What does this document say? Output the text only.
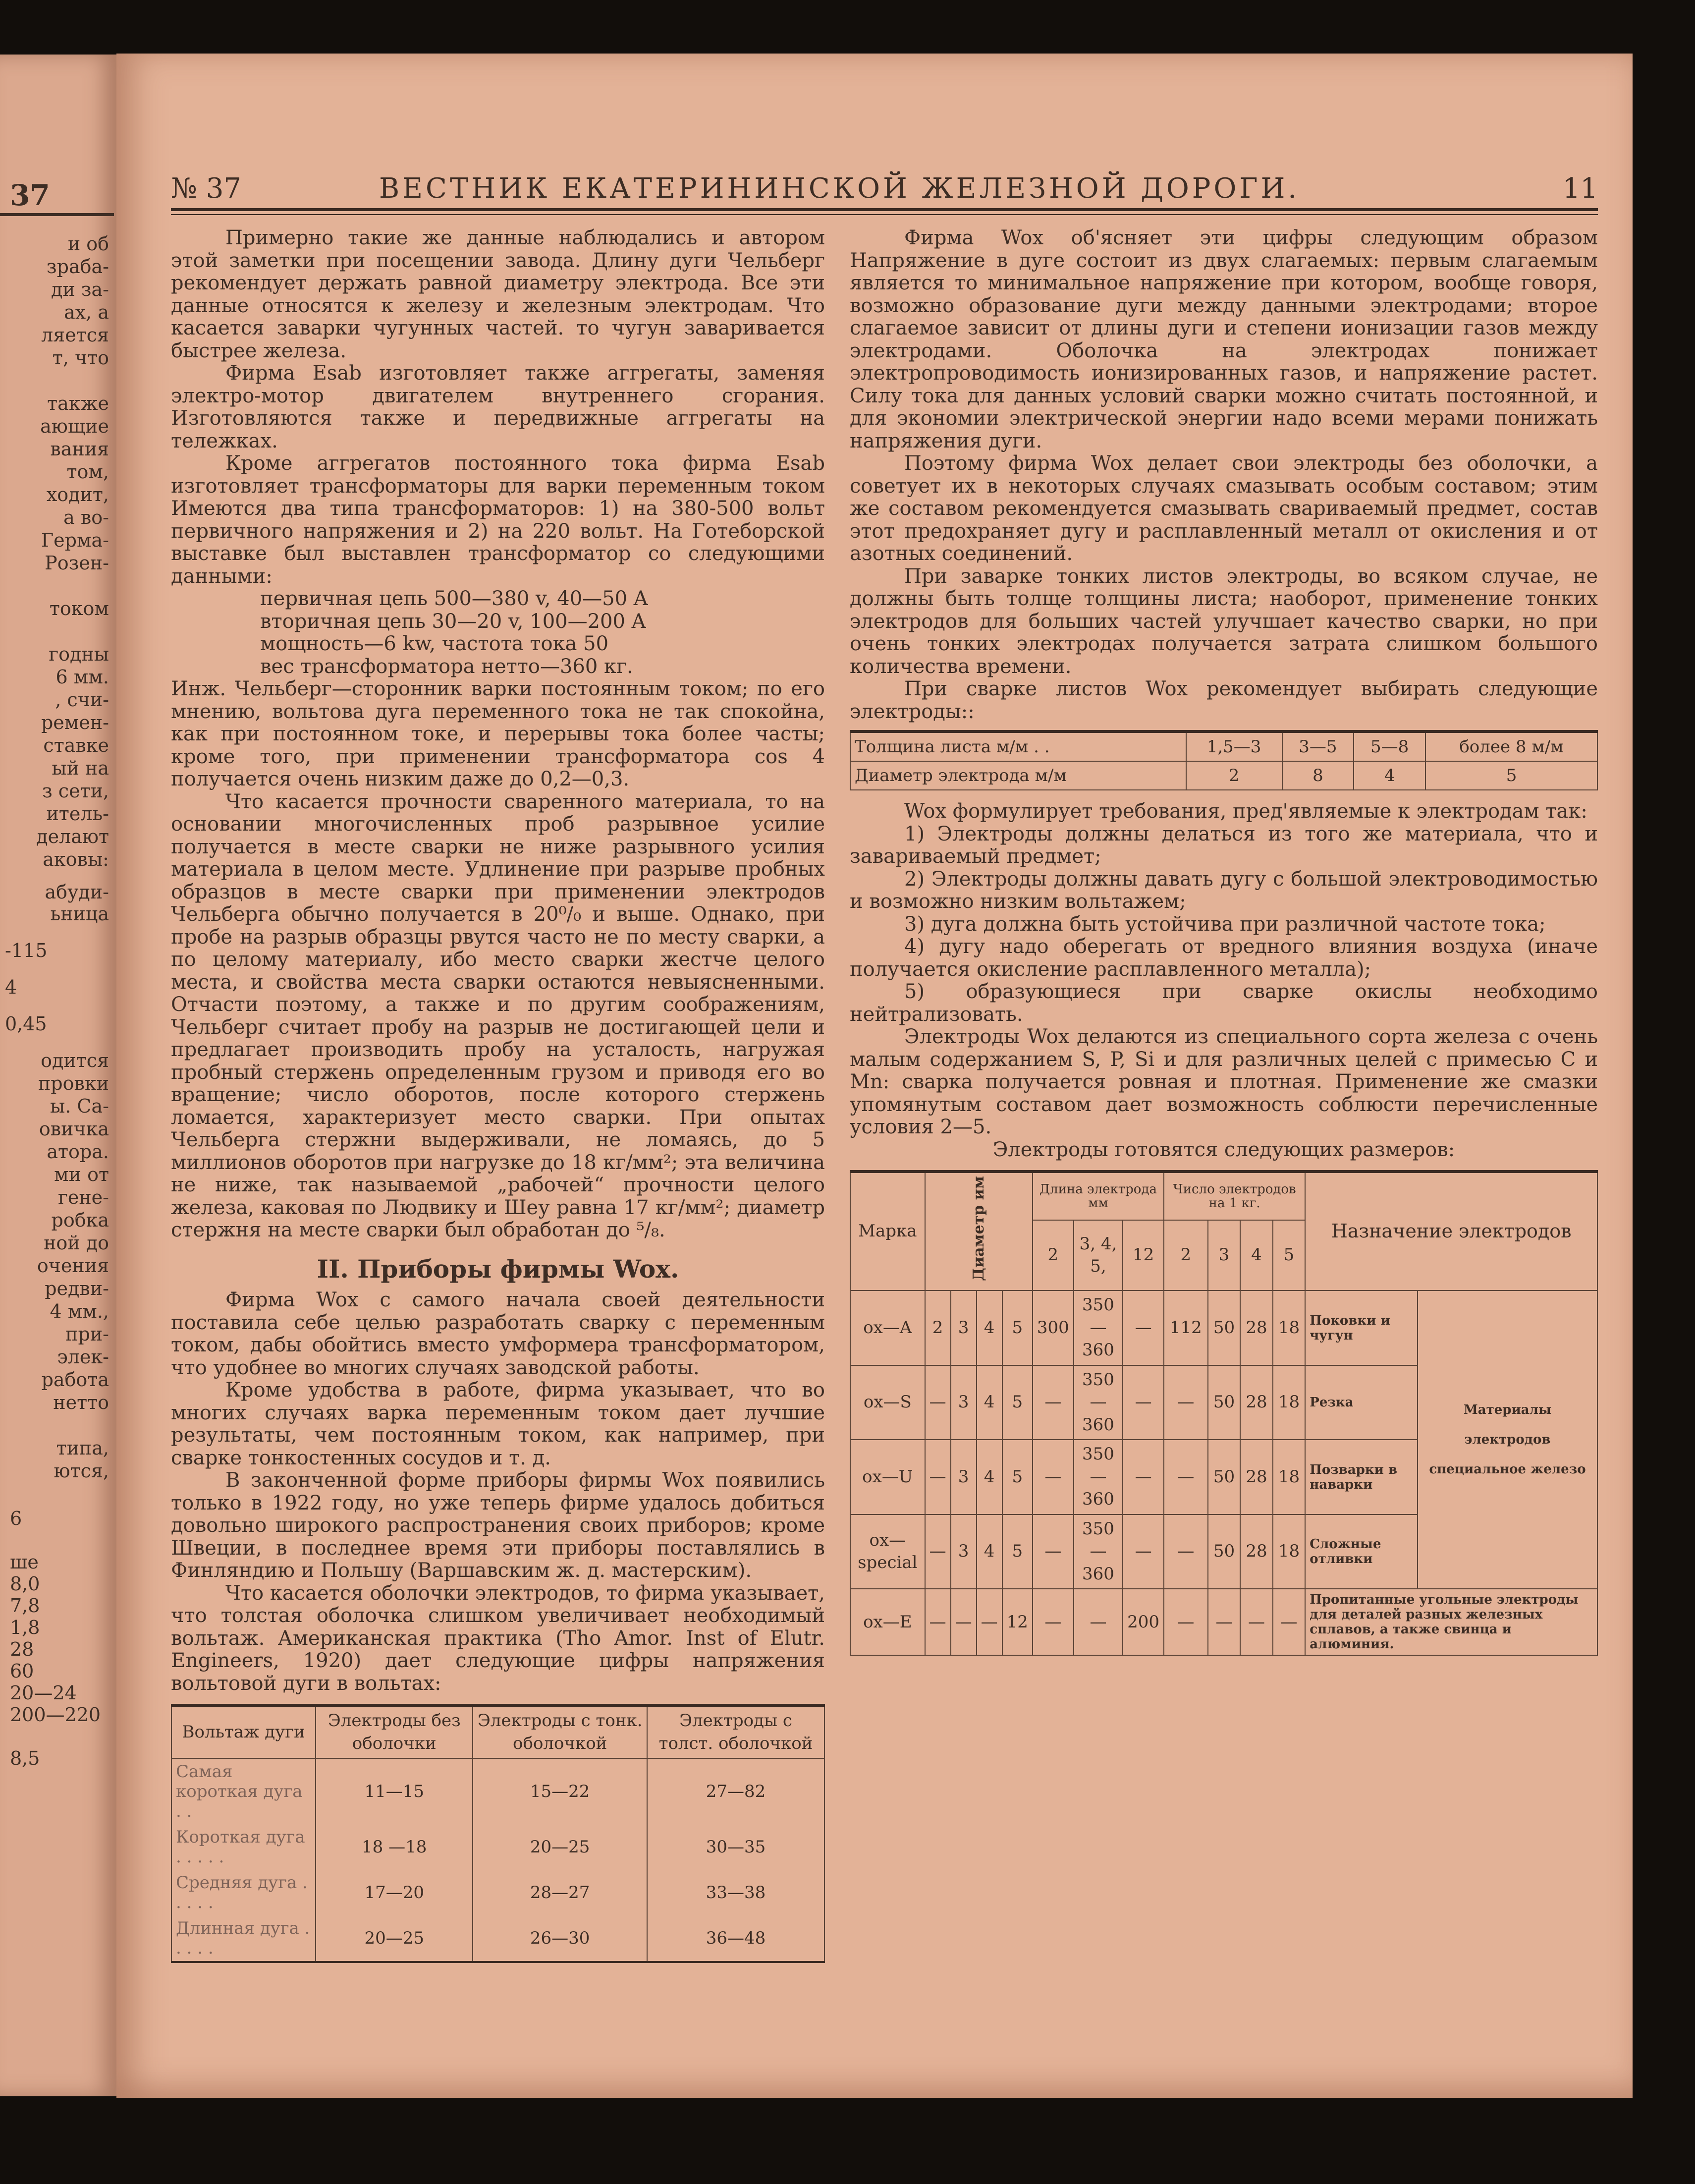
37
и об
зраба-
ди за-
ах, а
ляется
т, что
также
ающие
вания
том,
ходит,
а во-
Герма-
Розен-
током
годны
6 мм.
, счи-
ремен-
ставке
ый на
з сети,
итель-
делают
аковы:
абуди-
ьница
-115
4
0,45
одится
провки
ы. Са-
овичка
атора.
ми от
гене-
робка
ной до
очения
редви-
4 мм.,
при-
элек-
работа
нетто
типа,
ются,
6
ше
8,0
7,8
1,8
28
60
20—24
200—220
8,5
№ 37	ВЕСТНИК ЕКАТЕРИНИНСКОЙ ЖЕЛЕЗНОЙ ДОРОГИ.	11

Примерно такие же данные наблюдались и автором этой заметки при посещении завода. Длину дуги Чельберг рекомендует держать равной диаметру электрода. Все эти данные относятся к железу и железным электродам. Что касается заварки чугунных частей. то чугун заваривается быстрее железа.

Фирма Esab изготовляет также аггрегаты, заменяя электро-мотор двигателем внутреннего сгорания. Изготовляются также и передвижные аггрегаты на тележках.

Кроме аггрегатов постоянного тока фирма Esab изготовляет трансформаторы для варки переменным током Имеются два типа трансформаторов: 1) на 380-500 вольт первичного напряжения и 2) на 220 вольт. На Готеборской выставке был выставлен трансформатор со следующими данными:

первичная цепь 500—380 v, 40—50 A
вторичная цепь 30—20 v, 100—200 A
мощность—6 kw, частота тока 50
вес трансформатора нетто—360 кг.

Инж. Чельберг—сторонник варки постоянным током; по его мнению, вольтова дуга переменного тока не так спокойна, как при постоянном токе, и перерывы тока более часты; кроме того, при применении трансформатора cos 4 получается очень низким даже до 0,2—0,3.

Что касается прочности сваренного материала, то на основании многочисленных проб разрывное усилие получается в месте сварки не ниже разрывного усилия материала в целом месте. Удлинение при разрыве пробных образцов в месте сварки при применении электродов Чельберга обычно получается в 20⁰/₀ и выше. Однако, при пробе на разрыв образцы рвутся часто не по месту сварки, а по целому материалу, ибо место сварки жестче целого места, и свойства места сварки остаются невыясненными. Отчасти поэтому, а также и по другим соображениям, Чельберг считает пробу на разрыв не достигающей цели и предлагает производить пробу на усталость, нагружая пробный стержень определенным грузом и приводя его во вращение; число оборотов, после которого стержень ломается, характеризует место сварки. При опытах Чельберга стержни выдерживали, не ломаясь, до 5 миллионов оборотов при нагрузке до 18 кг/мм²; эта величина не ниже, так называемой „рабочей“ прочности целого железа, каковая по Людвику и Шеу равна 17 кг/мм²; диаметр стержня на месте сварки был обработан до ⁵/₈.

II. Приборы фирмы Wox.

Фирма Wox с самого начала своей деятельности поставила себе целью разработать сварку с переменным током, дабы обойтись вместо умформера трансформатором, что удобнее во многих случаях заводской работы.

Кроме удобства в работе, фирма указывает, что во многих случаях варка переменным током дает лучшие результаты, чем постоянным током, как например, при сварке тонкостенных сосудов и т. д.

В законченной форме приборы фирмы Wox появились только в 1922 году, но уже теперь фирме удалось добиться довольно широкого распространения своих приборов; кроме Швеции, в последнее время эти приборы поставлялись в Финляндию и Польшу (Варшавским ж. д. мастерским).

Что касается оболочки электродов, то фирма указывает, что толстая оболочка слишком увеличивает необходимый вольтаж. Американская практика (Tho Amor. Inst of Elutr. Engineers, 1920) дает следующие цифры напряжения вольтовой дуги в вольтах:

Вольтаж дуги	Электроды без оболочки	Электроды с тонк. оболочкой	Электроды с толст. оболочкой
Самая короткая дуга . .	11—15	15—22	27—82
Короткая дуга . . . . .	18 —18	20—25	30—35
Средняя дуга . . . . .	17—20	28—27	33—38
Длинная дуга . . . . .	20—25	26—30	36—48

Фирма Wox об'ясняет эти цифры следующим образом Напряжение в дуге состоит из двух слагаемых: первым слагаемым является то минимальное напряжение при котором, вообще говоря, возможно образование дуги между данными электродами; второе слагаемое зависит от длины дуги и степени ионизации газов между электродами. Оболочка на электродах понижает электропроводимость ионизированных газов, и напряжение растет. Силу тока для данных условий сварки можно считать постоянной, и для экономии электрической энергии надо всеми мерами понижать напряжения дуги.

Поэтому фирма Wox делает свои электроды без оболочки, а советует их в некоторых случаях смазывать особым составом; этим же составом рекомендуется смазывать свариваемый предмет, состав этот предохраняет дугу и расплавленный металл от окисления и от азотных соединений.

При заварке тонких листов электроды, во всяком случае, не должны быть толще толщины листа; наоборот, применение тонких электродов для больших частей улучшает качество сварки, но при очень тонких электродах получается затрата слишком большого количества времени.

При сварке листов Wox рекомендует выбирать следующие электроды::

Толщина листа м/м . .	1,5—3	3—5	5—8	более 8 м/м
Диаметр электрода м/м	2	8	4	5

Wox формулирует требования, пред'являемые к электродам так:

1) Электроды должны делаться из того же материала, что и завариваемый предмет;

2) Электроды должны давать дугу с большой электроводимостью и возможно низким вольтажем;

3) дуга должна быть устойчива при различной частоте тока;

4) дугу надо оберегать от вредного влияния воздуха (иначе получается окисление расплавленного металла);

5) образующиеся при сварке окислы необходимо нейтрализовать.

Электроды Wox делаются из специального сорта железа с очень малым содержанием S, P, Si и для различных целей с примесью C и Mn: сварка получается ровная и плотная. Применение же смазки упомянутым составом дает возможность соблюсти перечисленные условия 2—5.

Электроды готовятся следующих размеров:

Марка	Диаметр им				Длина электрода мм			Число электродов на 1 кг.				Назначение электродов	
					2	3, 4, 5,	12	2	3	4	5		
ox—A	2	3	4	5	300	350—360	—	112	50	28	18	Поковки и чугун	Материалы электродов специальное железо
ox—S	—	3	4	5	—	350—360	—	—	50	28	18	Резка	
ox—U	—	3	4	5	—	350—360	—	—	50	28	18	Позварки в наварки	
ox—special	—	3	4	5	—	350—360	—	—	50	28	18	Сложные отливки	
ox—E	—	—	—	12	—	—	200	—	—	—	—	Пропитанные угольные электроды для деталей разных железных сплавов, а также свинца и алюминия.	
